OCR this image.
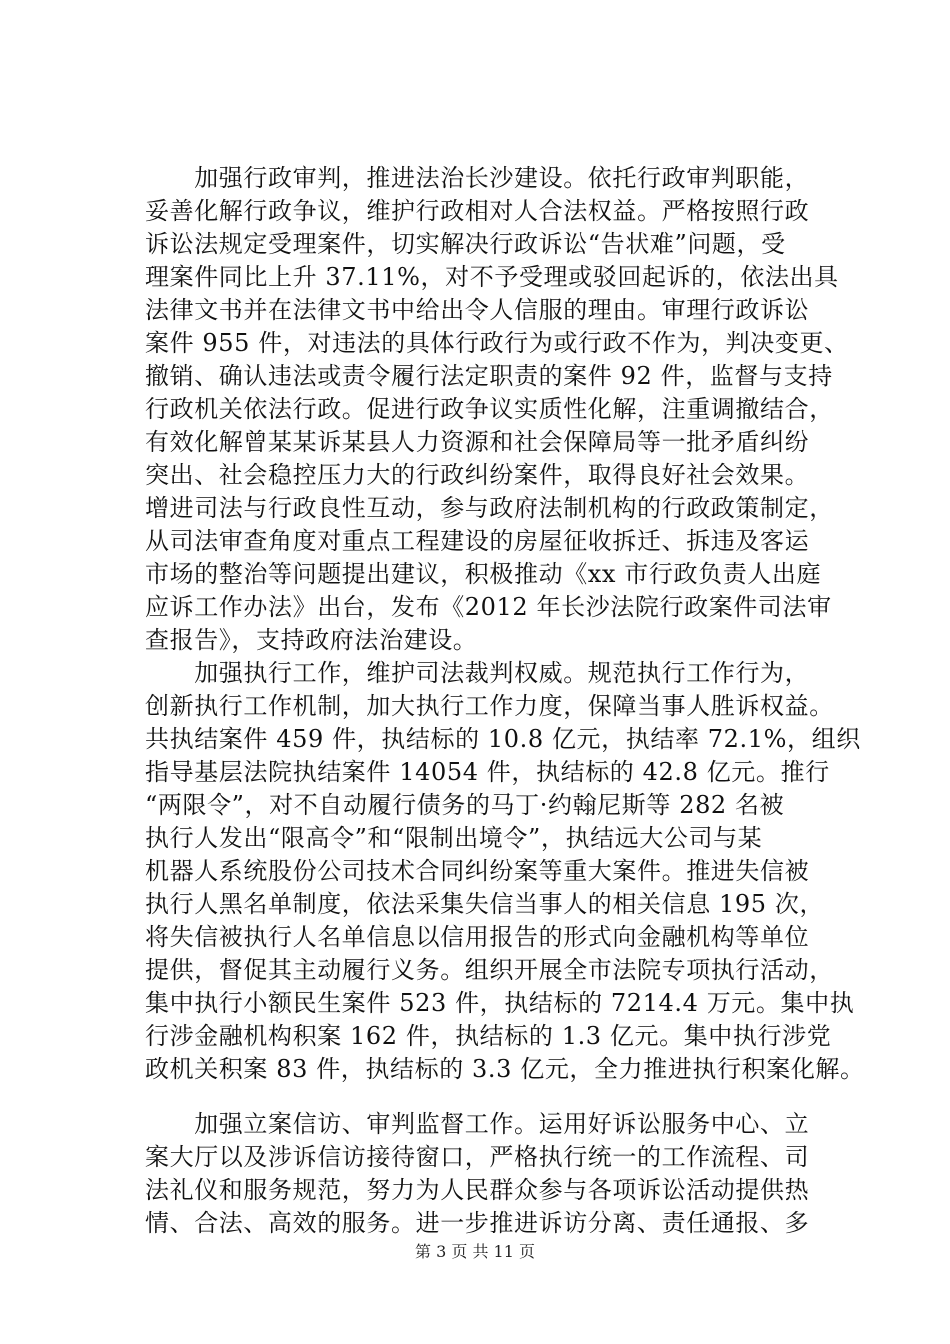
　　加强行政审判，推进法治长沙建设。依托行政审判职能，
妥善化解行政争议，维护行政相对人合法权益。严格按照行政
诉讼法规定受理案件，切实解决行政诉讼“告状难”问题，受
理案件同比上升 37.11%，对不予受理或驳回起诉的，依法出具
法律文书并在法律文书中给出令人信服的理由。审理行政诉讼
案件 955 件，对违法的具体行政行为或行政不作为，判决变更、
撤销、确认违法或责令履行法定职责的案件 92 件，监督与支持
行政机关依法行政。促进行政争议实质性化解，注重调撤结合，
有效化解曾某某诉某县人力资源和社会保障局等一批矛盾纠纷
突出、社会稳控压力大的行政纠纷案件，取得良好社会效果。
增进司法与行政良性互动，参与政府法制机构的行政政策制定，
从司法审查角度对重点工程建设的房屋征收拆迁、拆违及客运
市场的整治等问题提出建议，积极推动《xx 市行政负责人出庭
应诉工作办法》出台，发布《2012 年长沙法院行政案件司法审
查报告》，支持政府法治建设。
　　加强执行工作，维护司法裁判权威。规范执行工作行为，
创新执行工作机制，加大执行工作力度，保障当事人胜诉权益。
共执结案件 459 件，执结标的 10.8 亿元，执结率 72.1%，组织
指导基层法院执结案件 14054 件，执结标的 42.8 亿元。推行
“两限令”，对不自动履行债务的马丁·约翰尼斯等 282 名被
执行人发出“限高令”和“限制出境令”，执结远大公司与某
机器人系统股份公司技术合同纠纷案等重大案件。推进失信被
执行人黑名单制度，依法采集失信当事人的相关信息 195 次，
将失信被执行人名单信息以信用报告的形式向金融机构等单位
提供，督促其主动履行义务。组织开展全市法院专项执行活动，
集中执行小额民生案件 523 件，执结标的 7214.4 万元。集中执
行涉金融机构积案 162 件，执结标的 1.3 亿元。集中执行涉党
政机关积案 83 件，执结标的 3.3 亿元，全力推进执行积案化解。
　　加强立案信访、审判监督工作。运用好诉讼服务中心、立
案大厅以及涉诉信访接待窗口，严格执行统一的工作流程、司
法礼仪和服务规范，努力为人民群众参与各项诉讼活动提供热
情、合法、高效的服务。进一步推进诉访分离、责任通报、多
第 3 页 共 11 页
